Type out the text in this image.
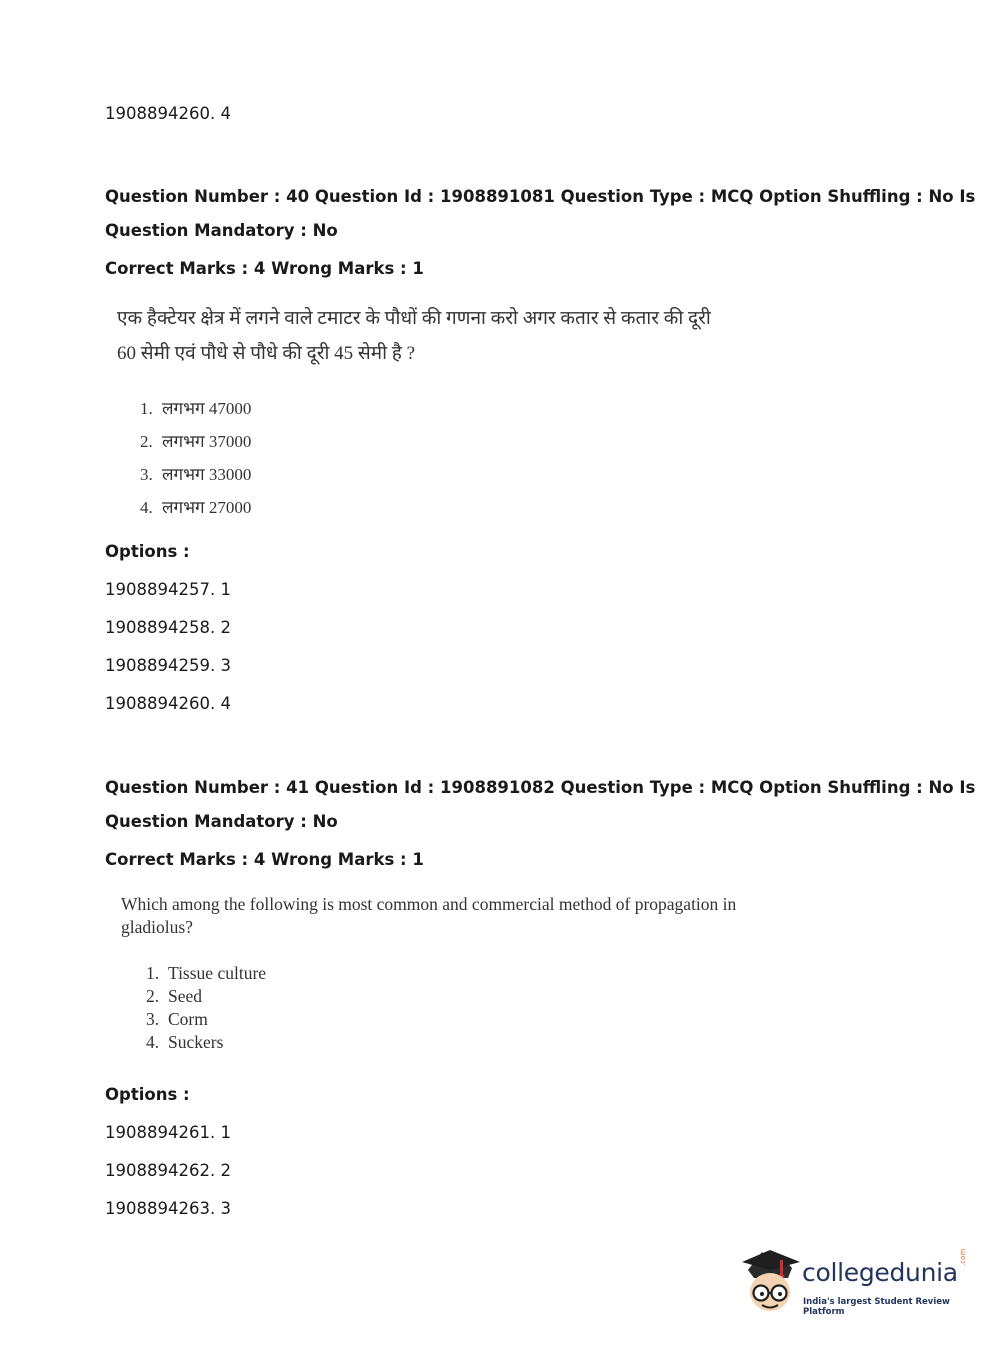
1908894260. 4
Question Number : 40 Question Id : 1908891081 Question Type : MCQ Option Shuffling : No Is
Question Mandatory : No
Correct Marks : 4 Wrong Marks : 1
एक हैक्टेयर क्षेत्र में लगने वाले टमाटर के पौधों की गणना करो अगर कतार से कतार की दूरी
60 सेमी एवं पौधे से पौधे की दूरी 45 सेमी है ?
1. लगभग 47000
2. लगभग 37000
3. लगभग 33000
4. लगभग 27000
Options :
1908894257. 1
1908894258. 2
1908894259. 3
1908894260. 4
Question Number : 41 Question Id : 1908891082 Question Type : MCQ Option Shuffling : No Is
Question Mandatory : No
Correct Marks : 4 Wrong Marks : 1
Which among the following is most common and commercial method of propagation in
gladiolus?
1. Tissue culture
2. Seed
3. Corm
4. Suckers
Options :
1908894261. 1
1908894262. 2
1908894263. 3
collegedunia
.com
India's largest Student Review Platform
